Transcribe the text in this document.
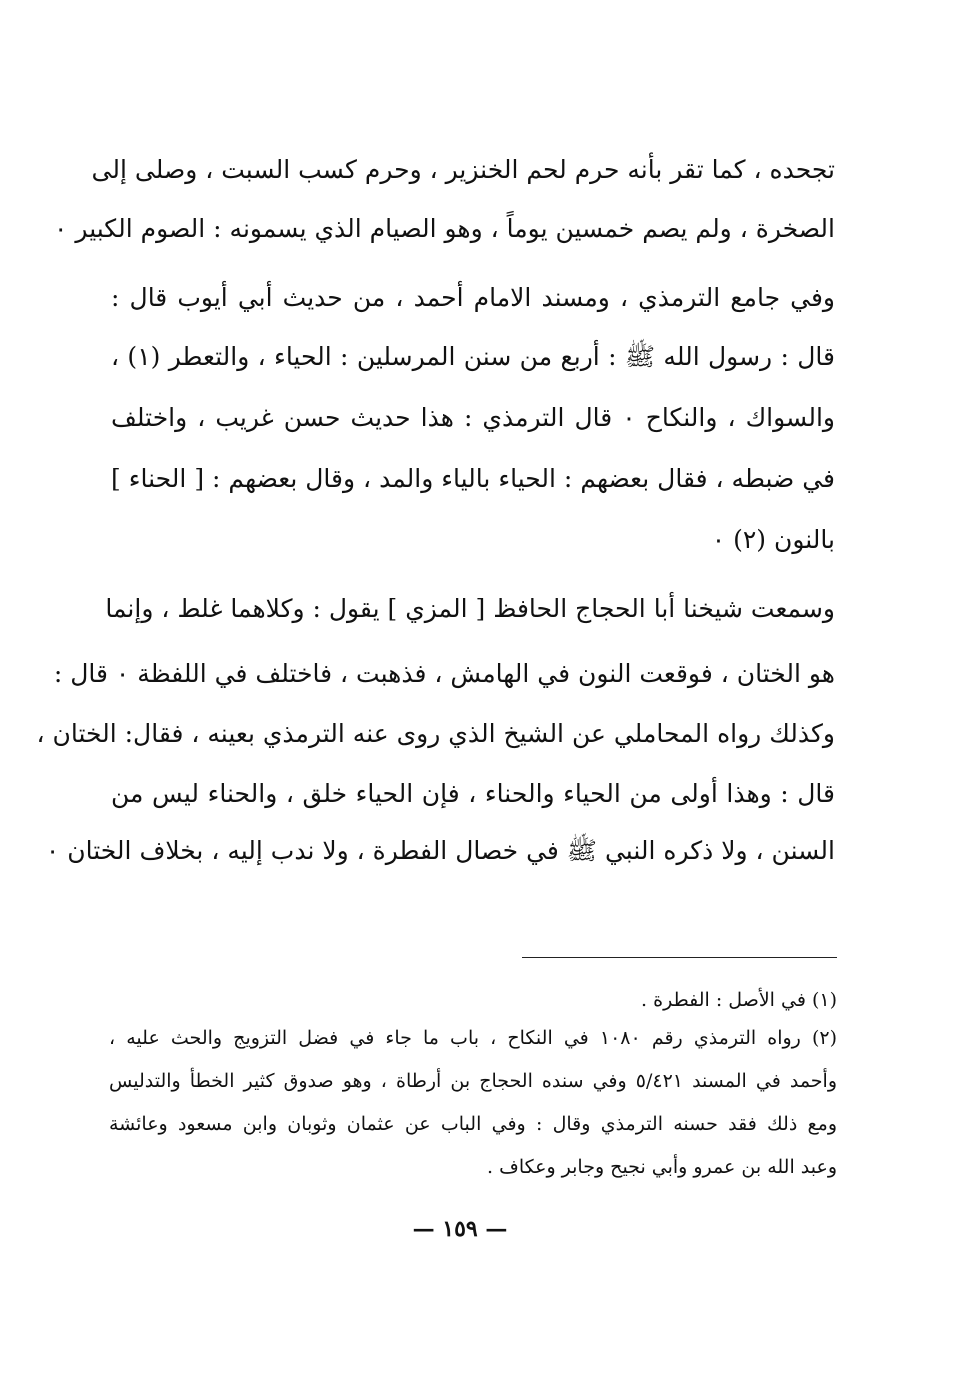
تجحده ، كما تقر بأنه حرم لحم الخنزير ، وحرم كسب السبت ، وصلى إلى
الصخرة ، ولم يصم خمسين يوماً ، وهو الصيام الذي يسمونه : الصوم الكبير ٠
وفي جامع الترمذي ، ومسند الامام أحمد ، من حديث أبي أيوب قال :
قال : رسول الله ﷺ : أربع من سنن المرسلين : الحياء ، والتعطر (١) ،
والسواك ، والنكاح ٠ قال الترمذي : هذا حديث حسن غريب ، واختلف
في ضبطه ، فقال بعضهم : الحياء بالياء والمد ، وقال بعضهم : [ الحناء ]
بالنون (٢) ٠
وسمعت شيخنا أبا الحجاج الحافظ [ المزي ] يقول : وكلاهما غلط ، وإنما
هو الختان ، فوقعت النون في الهامش ، فذهبت ، فاختلف في اللفظة ٠ قال :
وكذلك رواه المحاملي عن الشيخ الذي روى عنه الترمذي بعينه ، فقال: الختان ،
قال : وهذا أولى من الحياء والحناء ، فإن الحياء خلق ، والحناء ليس من
السنن ، ولا ذكره النبي ﷺ في خصال الفطرة ، ولا ندب إليه ، بخلاف الختان ٠
(١) في الأصل : الفطرة .
(٢) رواه الترمذي رقم ١٠٨٠ في النكاح ، باب ما جاء في فضل التزويج والحث عليه ،
وأحمد في المسند ٥/٤٢١ وفي سنده الحجاج بن أرطاة ، وهو صدوق كثير الخطأ والتدليس
ومع ذلك فقد حسنه الترمذي وقال : وفي الباب عن عثمان وثوبان وابن مسعود وعائشة
وعبد الله بن عمرو وأبي نجيح وجابر وعكاف .
— ١٥٩ —
